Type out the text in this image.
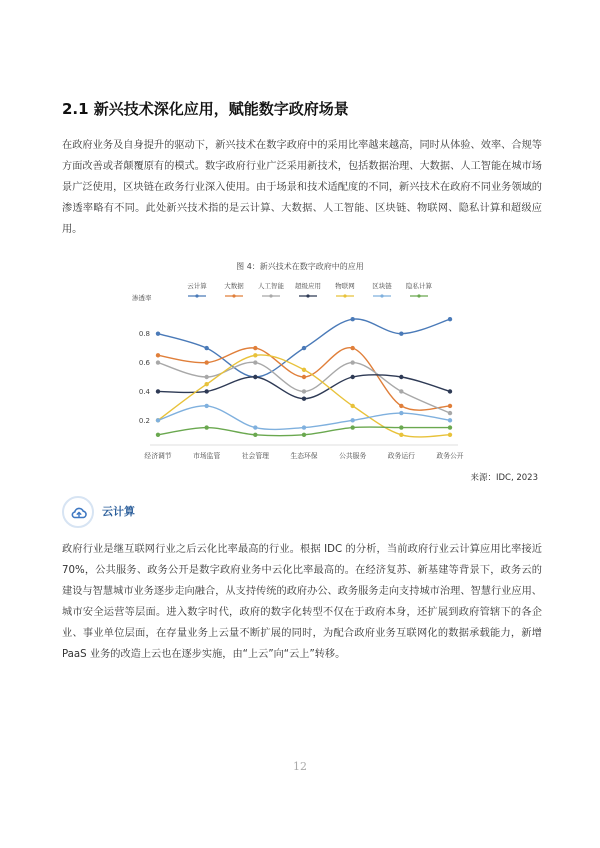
2.1 新兴技术深化应用，赋能数字政府场景

在政府业务及自身提升的驱动下，新兴技术在数字政府中的采用比率越来越高，同时从体验、效率、合规等方面改善或者颠覆原有的模式。数字政府行业广泛采用新技术，包括数据治理、大数据、人工智能在城市场景广泛使用，区块链在政务行业深入使用。由于场景和技术适配度的不同，新兴技术在政府不同业务领域的渗透率略有不同。此处新兴技术指的是云计算、大数据、人工智能、区块链、物联网、隐私计算和超级应用。

图 4：新兴技术在数字政府中的应用
云计算	大数据 人工智能 超级应用 物联网	区块链 隐私计算
渗透率
0.2
0.4
0.6
0.8
经济调节	市场监管	社会管理	生态环保	公共服务	政务运行	政务公开
来源：IDC, 2023
云计算

政府行业是继互联网行业之后云化比率最高的行业。根据 IDC 的分析，当前政府行业云计算应用比率接近 70%，公共服务、政务公开是数字政府业务中云化比率最高的。在经济复苏、新基建等背景下，政务云的建设与智慧城市业务逐步走向融合，从支持传统的政府办公、政务服务走向支持城市治理、智慧行业应用、城市安全运营等层面。进入数字时代，政府的数字化转型不仅在于政府本身，还扩展到政府管辖下的各企业、事业单位层面，在存量业务上云量不断扩展的同时，为配合政府业务互联网化的数据承载能力，新增 PaaS 业务的改造上云也在逐步实施，由“上云”向“云上”转移。

12
